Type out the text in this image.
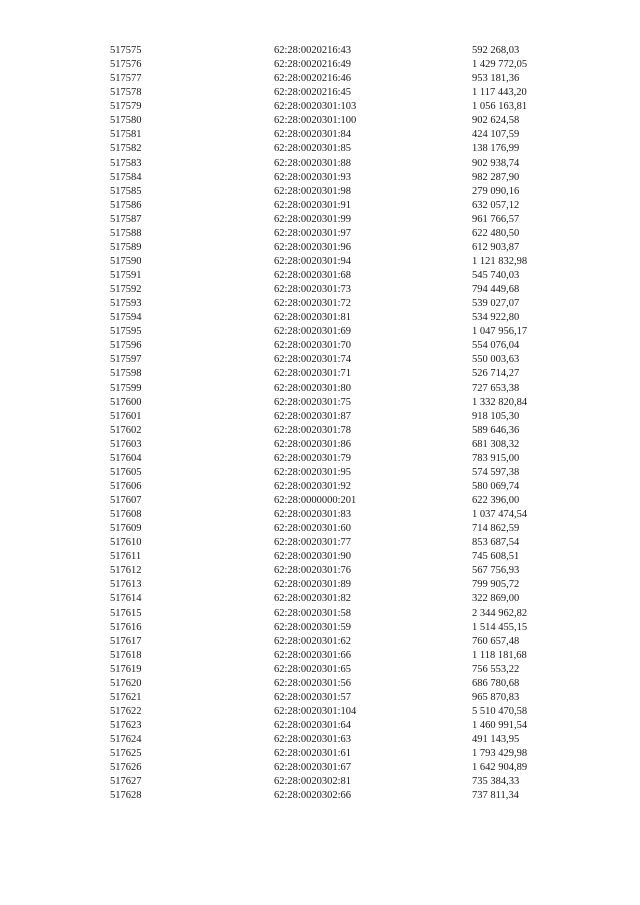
517575	62:28:0020216:43	592 268,03
517576	62:28:0020216:49	1 429 772,05
517577	62:28:0020216:46	953 181,36
517578	62:28:0020216:45	1 117 443,20
517579	62:28:0020301:103	1 056 163,81
517580	62:28:0020301:100	902 624,58
517581	62:28:0020301:84	424 107,59
517582	62:28:0020301:85	138 176,99
517583	62:28:0020301:88	902 938,74
517584	62:28:0020301:93	982 287,90
517585	62:28:0020301:98	279 090,16
517586	62:28:0020301:91	632 057,12
517587	62:28:0020301:99	961 766,57
517588	62:28:0020301:97	622 480,50
517589	62:28:0020301:96	612 903,87
517590	62:28:0020301:94	1 121 832,98
517591	62:28:0020301:68	545 740,03
517592	62:28:0020301:73	794 449,68
517593	62:28:0020301:72	539 027,07
517594	62:28:0020301:81	534 922,80
517595	62:28:0020301:69	1 047 956,17
517596	62:28:0020301:70	554 076,04
517597	62:28:0020301:74	550 003,63
517598	62:28:0020301:71	526 714,27
517599	62:28:0020301:80	727 653,38
517600	62:28:0020301:75	1 332 820,84
517601	62:28:0020301:87	918 105,30
517602	62:28:0020301:78	589 646,36
517603	62:28:0020301:86	681 308,32
517604	62:28:0020301:79	783 915,00
517605	62:28:0020301:95	574 597,38
517606	62:28:0020301:92	580 069,74
517607	62:28:0000000:201	622 396,00
517608	62:28:0020301:83	1 037 474,54
517609	62:28:0020301:60	714 862,59
517610	62:28:0020301:77	853 687,54
517611	62:28:0020301:90	745 608,51
517612	62:28:0020301:76	567 756,93
517613	62:28:0020301:89	799 905,72
517614	62:28:0020301:82	322 869,00
517615	62:28:0020301:58	2 344 962,82
517616	62:28:0020301:59	1 514 455,15
517617	62:28:0020301:62	760 657,48
517618	62:28:0020301:66	1 118 181,68
517619	62:28:0020301:65	756 553,22
517620	62:28:0020301:56	686 780,68
517621	62:28:0020301:57	965 870,83
517622	62:28:0020301:104	5 510 470,58
517623	62:28:0020301:64	1 460 991,54
517624	62:28:0020301:63	491 143,95
517625	62:28:0020301:61	1 793 429,98
517626	62:28:0020301:67	1 642 904,89
517627	62:28:0020302:81	735 384,33
517628	62:28:0020302:66	737 811,34
